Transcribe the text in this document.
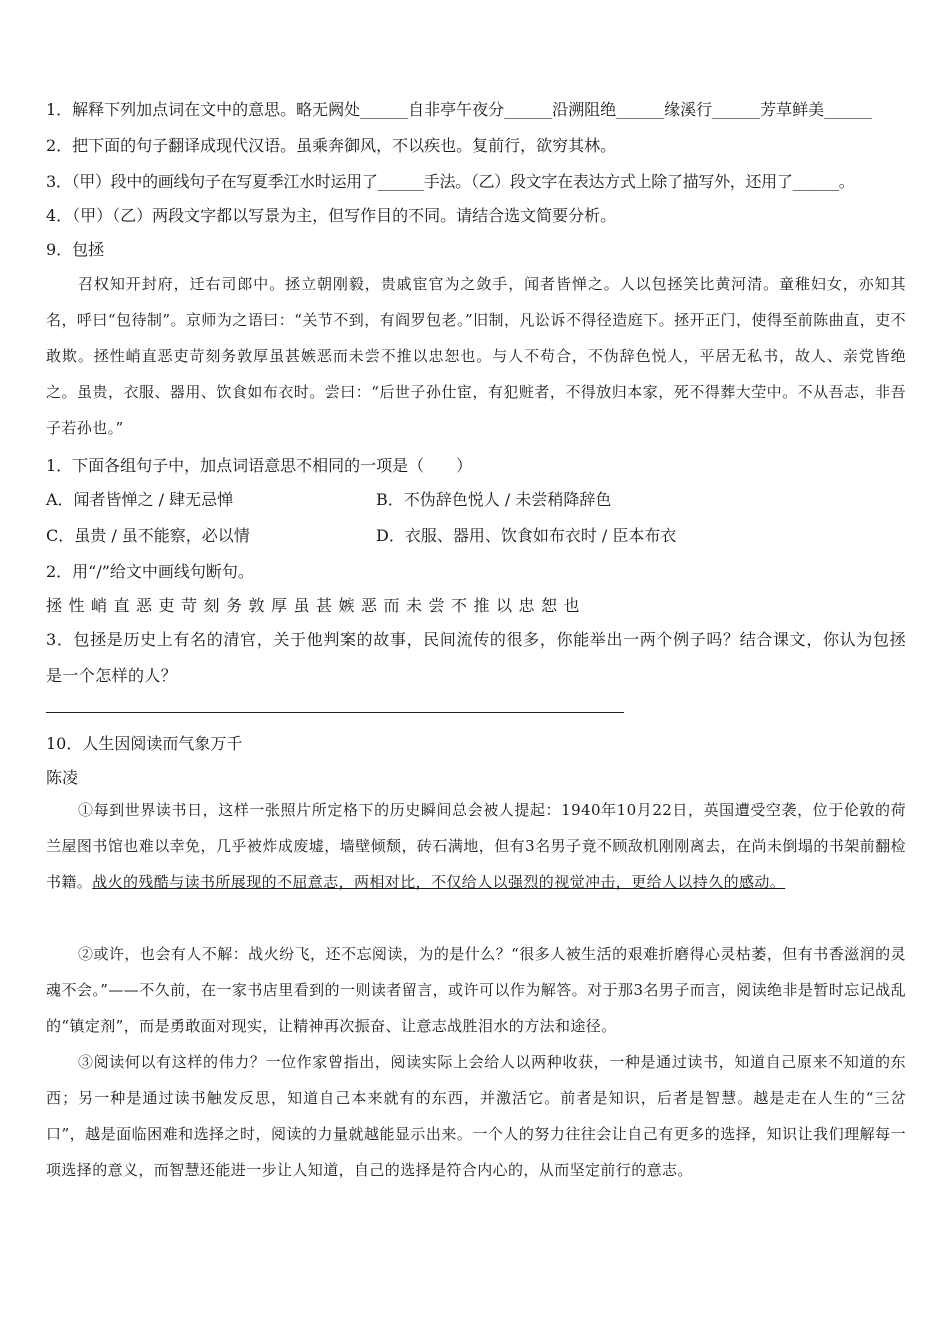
1．解释下列加点词在文中的意思。略无阙处______自非亭午夜分______沿溯阻绝______缘溪行______芳草鲜美______
2．把下面的句子翻译成现代汉语。虽乘奔御风，不以疾也。复前行，欲穷其林。
3．（甲）段中的画线句子在写夏季江水时运用了______手法。（乙）段文字在表达方式上除了描写外，还用了______。
4．（甲）（乙）两段文字都以写景为主，但写作目的不同。请结合选文简要分析。
9．包拯
召权知开封府，迁右司郎中。拯立朝刚毅，贵戚宦官为之敛手，闻者皆惮之。人以包拯笑比黄河清。童稚妇女，亦知其名，呼曰“包待制”。京师为之语曰：“关节不到，有阎罗包老。”旧制，凡讼诉不得径造庭下。拯开正门，使得至前陈曲直，吏不敢欺。拯性峭直恶吏苛刻务敦厚虽甚嫉恶而未尝不推以忠恕也。与人不苟合，不伪辞色悦人，平居无私书，故人、亲党皆绝之。虽贵，衣服、器用、饮食如布衣时。尝曰：“后世子孙仕宦，有犯赃者，不得放归本家，死不得葬大茔中。不从吾志，非吾子若孙也。”
1．下面各组句子中，加点词语意思不相同的一项是（　　）
A．闻者皆惮之 / 肆无忌惮	B．不伪辞色悦人 / 未尝稍降辞色
C．虽贵 / 虽不能察，必以情	D．衣服、器用、饮食如布衣时 / 臣本布衣
2．用“/”给文中画线句断句。
拯性峭直恶吏苛刻务敦厚虽甚嫉恶而未尝不推以忠恕也
3．包拯是历史上有名的清官，关于他判案的故事，民间流传的很多，你能举出一两个例子吗？结合课文，你认为包拯是一个怎样的人？
10．人生因阅读而气象万千
陈凌
①每到世界读书日，这样一张照片所定格下的历史瞬间总会被人提起：1940年10月22日，英国遭受空袭，位于伦敦的荷兰屋图书馆也难以幸免，几乎被炸成废墟，墙壁倾颓，砖石满地，但有3名男子竟不顾敌机刚刚离去，在尚未倒塌的书架前翻检书籍。战火的残酷与读书所展现的不屈意志，两相对比，不仅给人以强烈的视觉冲击，更给人以持久的感动。
②或许，也会有人不解：战火纷飞，还不忘阅读，为的是什么？“很多人被生活的艰难折磨得心灵枯萎，但有书香滋润的灵魂不会。”——不久前，在一家书店里看到的一则读者留言，或许可以作为解答。对于那3名男子而言，阅读绝非是暂时忘记战乱的“镇定剂”，而是勇敢面对现实，让精神再次振奋、让意志战胜泪水的方法和途径。
③阅读何以有这样的伟力？一位作家曾指出，阅读实际上会给人以两种收获，一种是通过读书，知道自己原来不知道的东西；另一种是通过读书触发反思，知道自己本来就有的东西，并激活它。前者是知识，后者是智慧。越是走在人生的“三岔口”，越是面临困难和选择之时，阅读的力量就越能显示出来。一个人的努力往往会让自己有更多的选择，知识让我们理解每一项选择的意义，而智慧还能进一步让人知道，自己的选择是符合内心的，从而坚定前行的意志。
